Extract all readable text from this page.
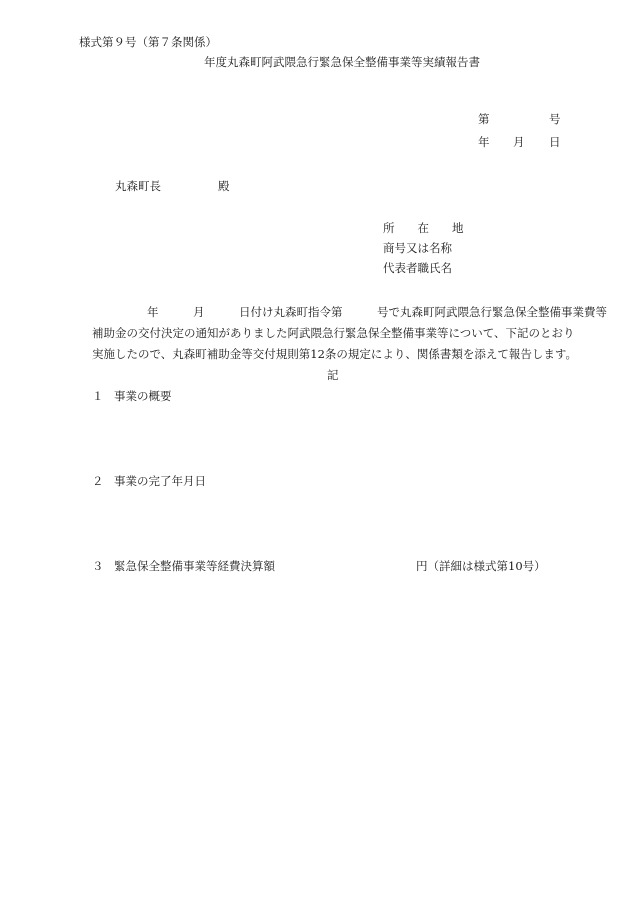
様式第９号（第７条関係）
年度丸森町阿武隈急行緊急保全整備事業等実績報告書
第	号
年 月 日
丸森町長	殿
所　　在　　地
商号又は名称
代表者職氏名
年　　　月　　　日付け丸森町指令第　　　号で丸森町阿武隈急行緊急保全整備事業費等
補助金の交付決定の通知がありました阿武隈急行緊急保全整備事業等について、下記のとおり
実施したので、丸森町補助金等交付規則第12条の規定により、関係書類を添えて報告します。
記
１ 事業の概要
２ 事業の完了年月日
３ 緊急保全整備事業等経費決算額	円（詳細は様式第10号）
